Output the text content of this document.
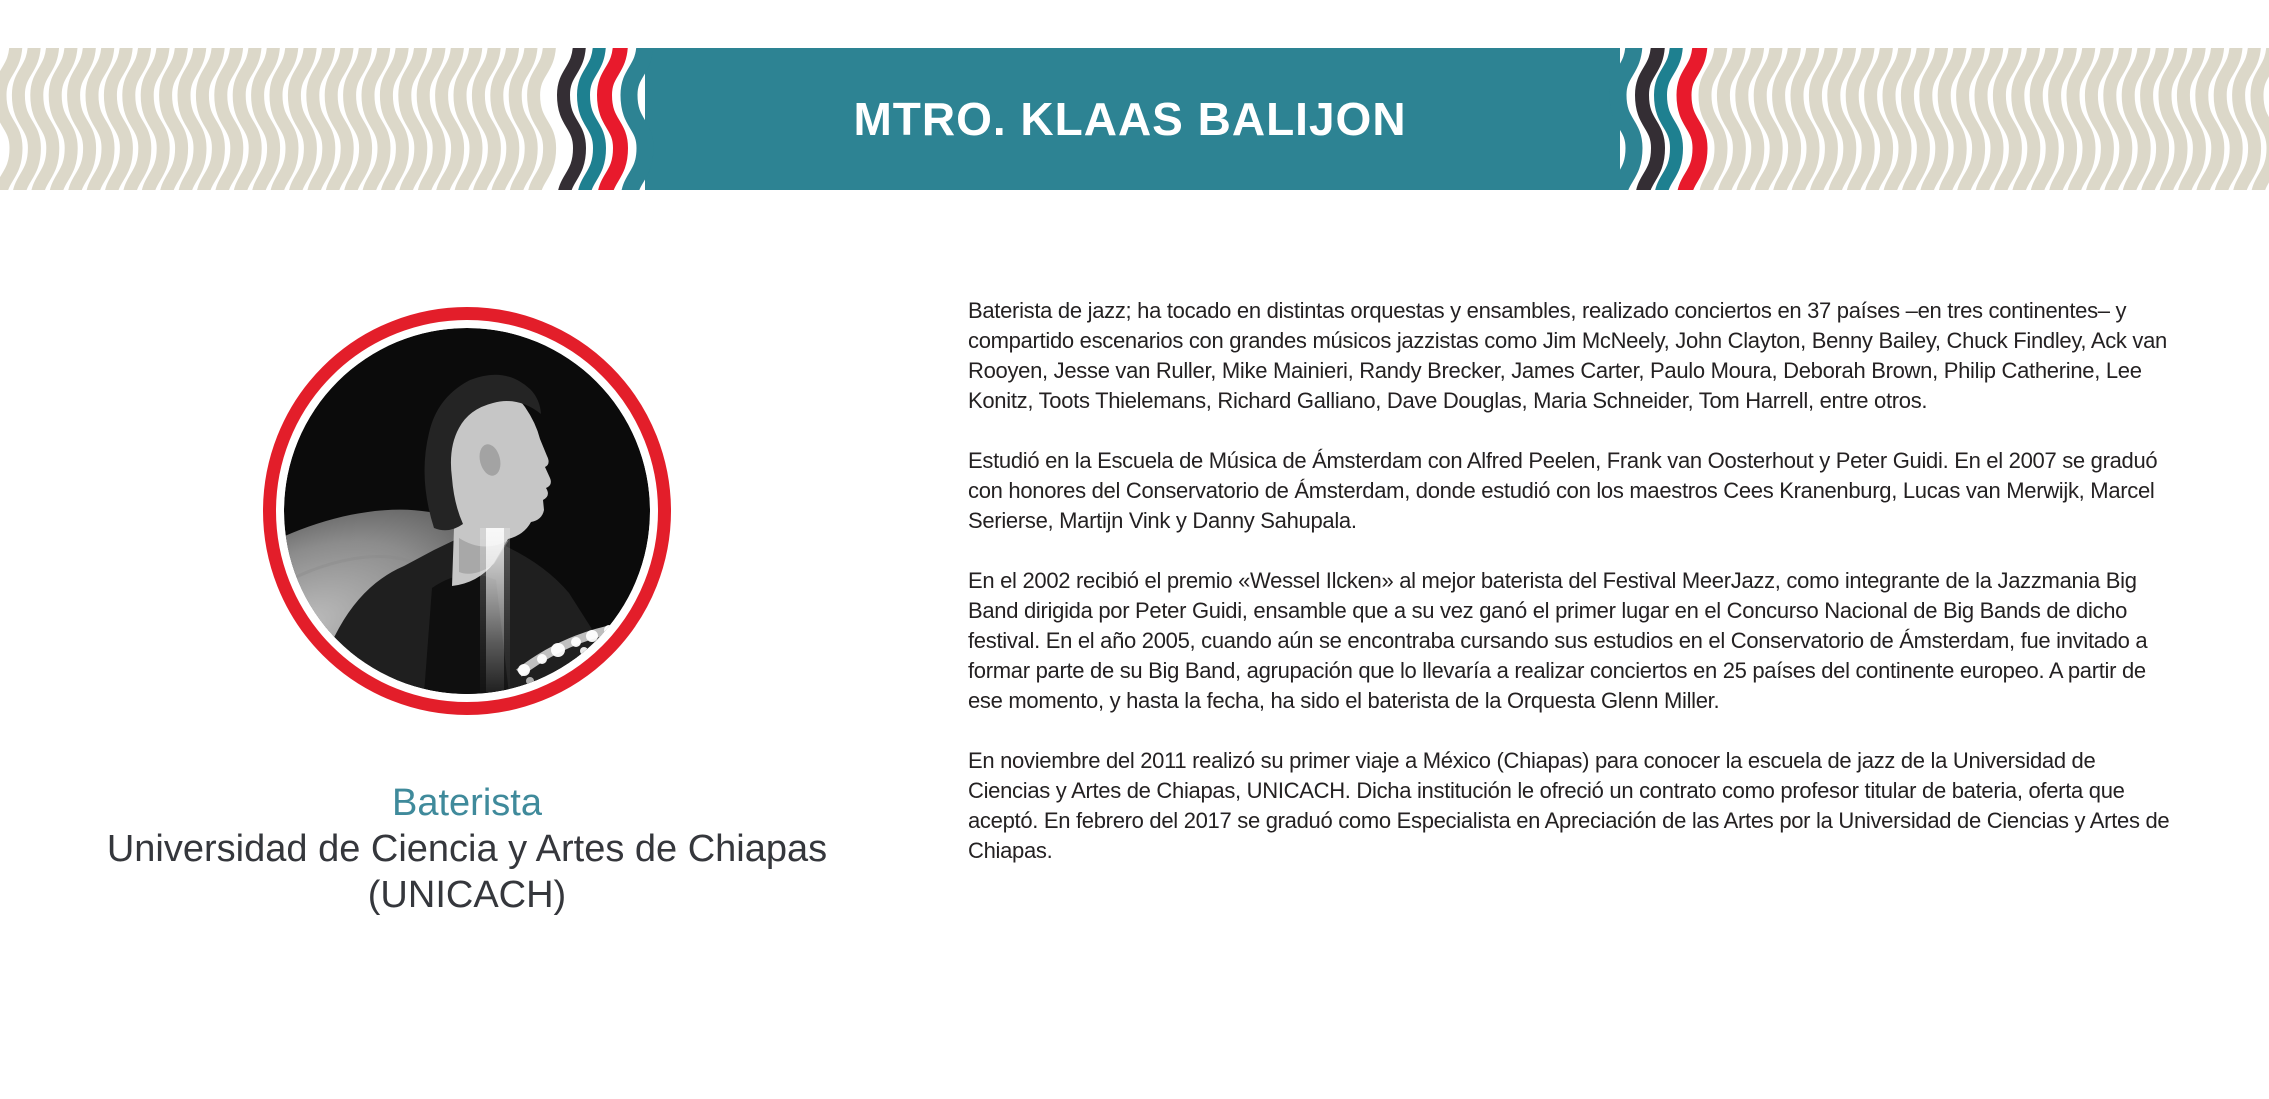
MTRO. KLAAS BALIJON
Baterista
Universidad de Ciencia y Artes de Chiapas
(UNICACH)

Baterista de jazz; ha tocado en distintas orquestas y ensambles, realizado conciertos en 37 países –en tres continentes– y compartido escenarios con grandes músicos jazzistas como Jim McNeely, John Clayton, Benny Bailey, Chuck Findley, Ack van Rooyen, Jesse van Ruller, Mike Mainieri, Randy Brecker, James Carter, Paulo Moura, Deborah Brown, Philip Catherine, Lee Konitz, Toots Thielemans, Richard Galliano, Dave Douglas, Maria Schneider, Tom Harrell, entre otros.

Estudió en la Escuela de Música de Ámsterdam con Alfred Peelen, Frank van Oosterhout y Peter Guidi. En el 2007 se graduó con honores del Conservatorio de Ámsterdam, donde estudió con los maestros Cees Kranenburg, Lucas van Merwijk, Marcel Serierse, Martijn Vink y Danny Sahupala.

En el 2002 recibió el premio «Wessel Ilcken» al mejor baterista del Festival MeerJazz, como integrante de la Jazzmania Big Band dirigida por Peter Guidi, ensamble que a su vez ganó el primer lugar en el Concurso Nacional de Big Bands de dicho festival. En el año 2005, cuando aún se encontraba cursando sus estudios en el Conservatorio de Ámsterdam, fue invitado a formar parte de su Big Band, agrupación que lo llevaría a realizar conciertos en 25 países del continente europeo. A partir de ese momento, y hasta la fecha, ha sido el baterista de la Orquesta Glenn Miller.

En noviembre del 2011 realizó su primer viaje a México (Chiapas) para conocer la escuela de jazz de la Universidad de Ciencias y Artes de Chiapas, UNICACH. Dicha institución le ofreció un contrato como profesor titular de bateria, oferta que aceptó. En febrero del 2017 se graduó como Especialista en Apreciación de las Artes por la Universidad de Ciencias y Artes de Chiapas.
